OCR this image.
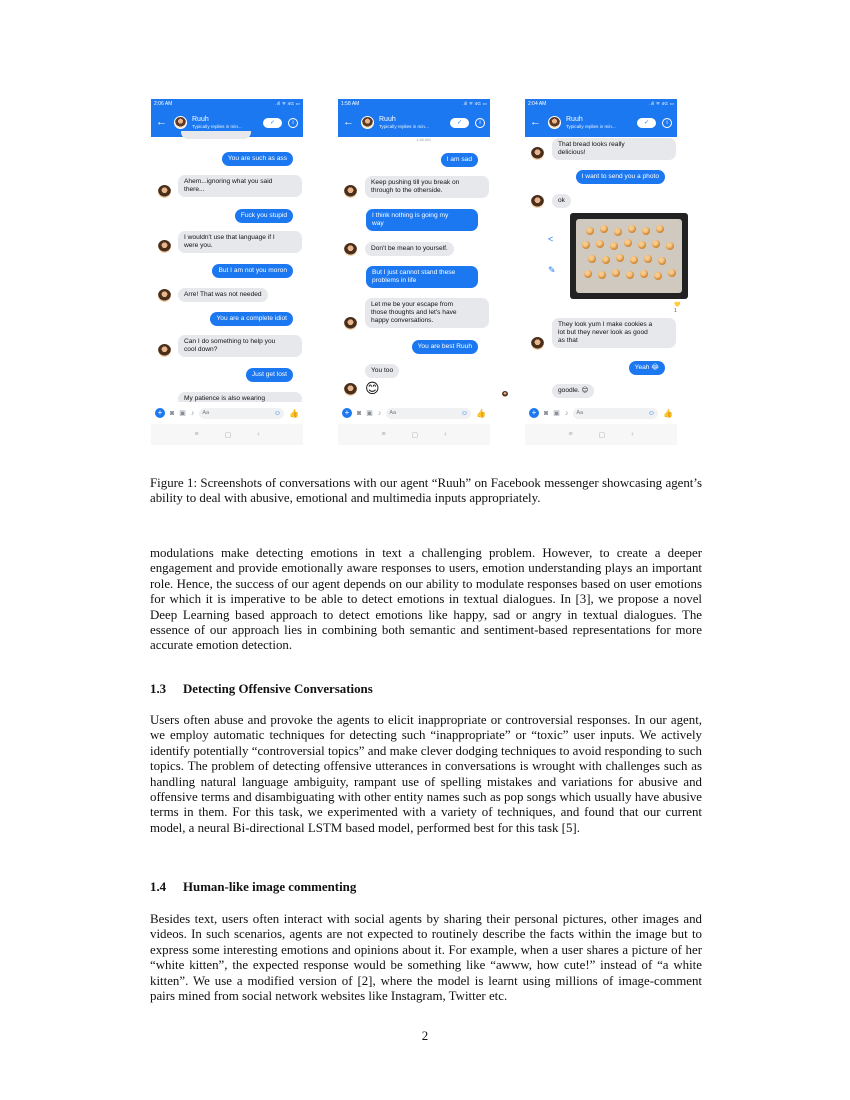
2:06 AM	.ıll ᯤ 4G ▭
←	Ruuh
Typically replies in min...
✓	i
You are such as ass
Ahem...ignoring what you said
there...
Fuck you stupid
I wouldn't use that language if I
were you.
But I am not you moron
Arre! That was not needed
You are a complete idiot
Can I do something to help you
cool down?
Just get lost
My patience is also wearing
+	◙ ▣ ♪ Aa	☺ 👍
≡	▢	‹
1:58 AM	.ıll ᯤ 4G ▭
←	Ruuh
Typically replies in min...
✓	i
1:58 AM
I am sad
Keep pushing till you break on
through to the otherside.
I think nothing is going my
way
Don't be mean to yourself.
But I just cannot stand these
problems in life
Let me be your escape from
those thoughts and let's have
happy conversations.
You are best Ruuh
You too
😊
+	◙ ▣ ♪ Aa	☺ 👍
≡	▢	‹
2:04 AM	.ıll ᯤ 4G ▭
←	Ruuh
Typically replies in min...
✓	i
That bread looks really
delicious!
I want to send you a photo
ok
<
✎
💛1
They look yum I make cookies a
lot but they never look as good
as that
Yeah 😂
goodle. 😊
+	◙ ▣ ♪ Aa	☺ 👍
≡	▢	‹

Figure 1: Screenshots of conversations with our agent “Ruuh” on Facebook messenger showcasing agent’s ability to deal with abusive, emotional and multimedia inputs appropriately.

modulations make detecting emotions in text a challenging problem. However, to create a deeper engagement and provide emotionally aware responses to users, emotion understanding plays an important role. Hence, the success of our agent depends on our ability to modulate responses based on user emotions for which it is imperative to be able to detect emotions in textual dialogues. In [3], we propose a novel Deep Learning based approach to detect emotions like happy, sad or angry in textual dialogues. The essence of our approach lies in combining both semantic and sentiment-based representations for more accurate emotion detection.

1.3 Detecting Offensive Conversations

Users often abuse and provoke the agents to elicit inappropriate or controversial responses. In our agent, we employ automatic techniques for detecting such “inappropriate” or “toxic” user inputs. We actively identify potentially “controversial topics” and make clever dodging techniques to avoid responding to such topics. The problem of detecting offensive utterances in conversations is wrought with challenges such as handling natural language ambiguity, rampant use of spelling mistakes and variations for abusive and offensive terms and disambiguating with other entity names such as pop songs which usually have abusive terms in them. For this task, we experimented with a variety of techniques, and found that our current model, a neural Bi-directional LSTM based model, performed best for this task [5].

1.4 Human-like image commenting

Besides text, users often interact with social agents by sharing their personal pictures, other images and videos. In such scenarios, agents are not expected to routinely describe the facts within the image but to express some interesting emotions and opinions about it. For example, when a user shares a picture of her “white kitten”, the expected response would be something like “awww, how cute!” instead of “a white kitten”. We use a modified version of [2], where the model is learnt using millions of image-comment pairs mined from social network websites like Instagram, Twitter etc.

2
